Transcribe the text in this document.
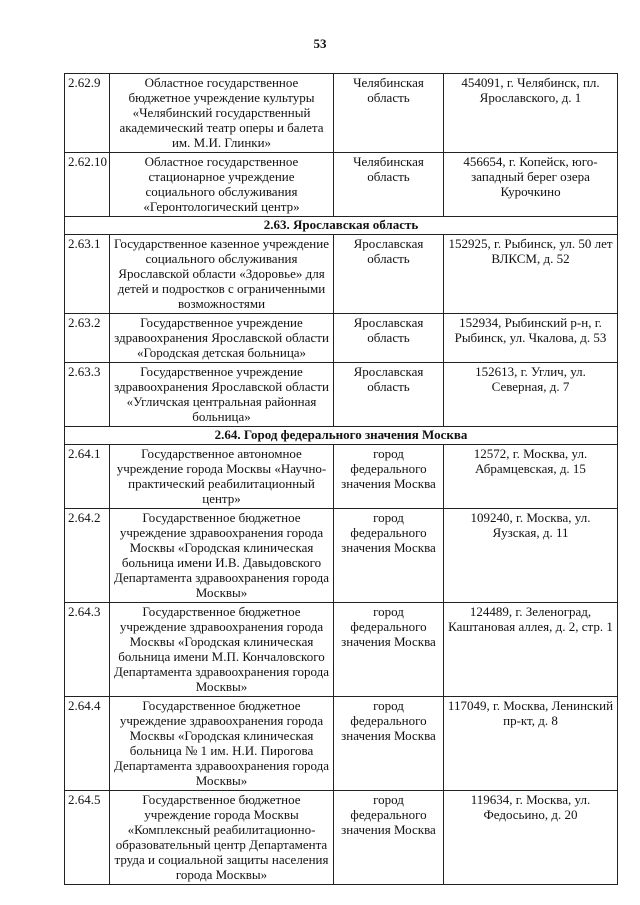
53
2.62.9	Областное государственное бюджетное учреждение культуры «Челябинский государственный академический театр оперы и балета им. М.И. Глинки»	Челябинская область	454091, г. Челябинск, пл. Ярославского, д. 1
2.62.10	Областное государственное стационарное учреждение социального обслуживания «Геронтологический центр»	Челябинская область	456654, г. Копейск, юго-западный берег озера Курочкино
2.63. Ярославская область			
2.63.1	Государственное казенное учреждение социального обслуживания Ярославской области «Здоровье» для детей и подростков с ограниченными возможностями	Ярославская область	152925, г. Рыбинск, ул. 50 лет ВЛКСМ, д. 52
2.63.2	Государственное учреждение здравоохранения Ярославской области «Городская детская больница»	Ярославская область	152934, Рыбинский р-н, г. Рыбинск, ул. Чкалова, д. 53
2.63.3	Государственное учреждение здравоохранения Ярославской области «Угличская центральная районная больница»	Ярославская область	152613, г. Углич, ул. Северная, д. 7
2.64. Город федерального значения Москва			
2.64.1	Государственное автономное учреждение города Москвы «Научно-практический реабилитационный центр»	город федерального значения Москва	12572, г. Москва, ул. Абрамцевская, д. 15
2.64.2	Государственное бюджетное учреждение здравоохранения города Москвы «Городская клиническая больница имени И.В. Давыдовского Департамента здравоохранения города Москвы»	город федерального значения Москва	109240, г. Москва, ул. Яузская, д. 11
2.64.3	Государственное бюджетное учреждение здравоохранения города Москвы «Городская клиническая больница имени М.П. Кончаловского Департамента здравоохранения города Москвы»	город федерального значения Москва	124489, г. Зеленоград, Каштановая аллея, д. 2, стр. 1
2.64.4	Государственное бюджетное учреждение здравоохранения города Москвы «Городская клиническая больница № 1 им. Н.И. Пирогова Департамента здравоохранения города Москвы»	город федерального значения Москва	117049, г. Москва, Ленинский пр-кт, д. 8
2.64.5	Государственное бюджетное учреждение города Москвы «Комплексный реабилитационно-образовательный центр Департамента труда и социальной защиты населения города Москвы»	город федерального значения Москва	119634, г. Москва, ул. Федосьино, д. 20
